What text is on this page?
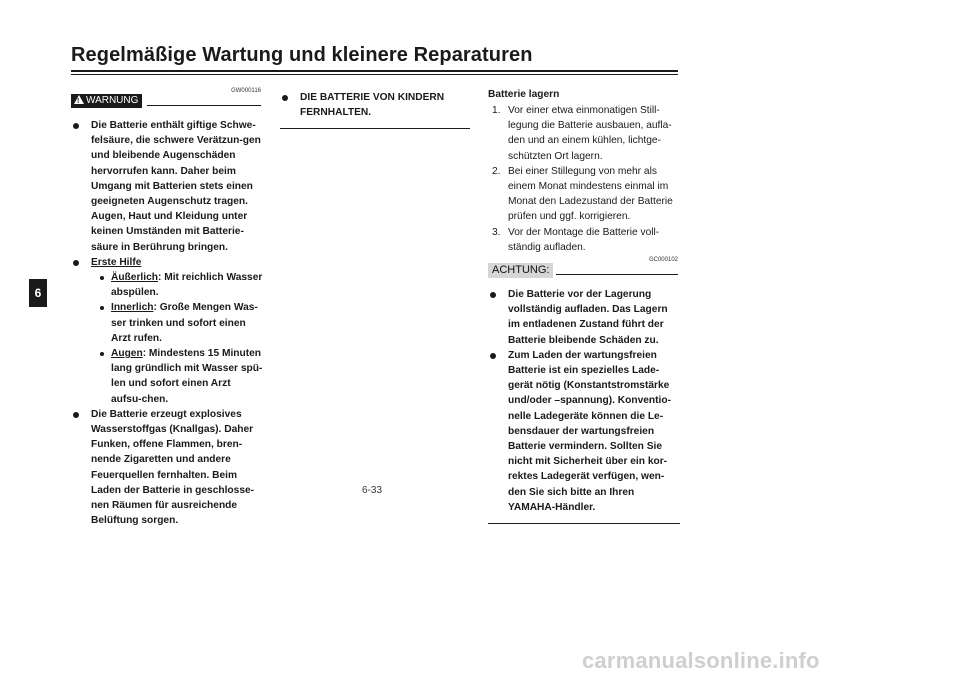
Regelmäßige Wartung und kleinere Reparaturen
6
!WARNUNG
GW000116
Die Batterie enthält giftige Schwe-felsäure, die schwere Verätzun-gen und bleibende Augenschäden hervorrufen kann. Daher beim Umgang mit Batterien stets einen geeigneten Augenschutz tragen. Augen, Haut und Kleidung unter keinen Umständen mit Batterie-säure in Berührung bringen.
Erste Hilfe
Äußerlich: Mit reichlich Wasser abspülen.
Innerlich: Große Mengen Was-ser trinken und sofort einen Arzt rufen.
Augen: Mindestens 15 Minuten lang gründlich mit Wasser spü-len und sofort einen Arzt aufsu-chen.
Die Batterie erzeugt explosives Wasserstoffgas (Knallgas). Daher Funken, offene Flammen, bren-nende Zigaretten und andere Feuerquellen fernhalten. Beim Laden der Batterie in geschlosse-nen Räumen für ausreichende Belüftung sorgen.
DIE BATTERIE VON KINDERN FERNHALTEN.

Batterie lagern

1. Vor einer etwa einmonatigen Still-legung die Batterie ausbauen, aufla-den und an einem kühlen, lichtge-schützten Ort lagern.
2. Bei einer Stillegung von mehr als einem Monat mindestens einmal im Monat den Ladezustand der Batterie prüfen und ggf. korrigieren.
3. Vor der Montage die Batterie voll-ständig aufladen.
ACHTUNG:
GC000102
Die Batterie vor der Lagerung vollständig aufladen. Das Lagern im entladenen Zustand führt der Batterie bleibende Schäden zu.
Zum Laden der wartungsfreien Batterie ist ein spezielles Lade-gerät nötig (Konstantstromstärke und/oder –spannung). Konventio-nelle Ladegeräte können die Le-bensdauer der wartungsfreien Batterie vermindern. Sollten Sie nicht mit Sicherheit über ein kor-rektes Ladegerät verfügen, wen-den Sie sich bitte an Ihren YAMAHA-Händler.
6-33
carmanualsonline.info
